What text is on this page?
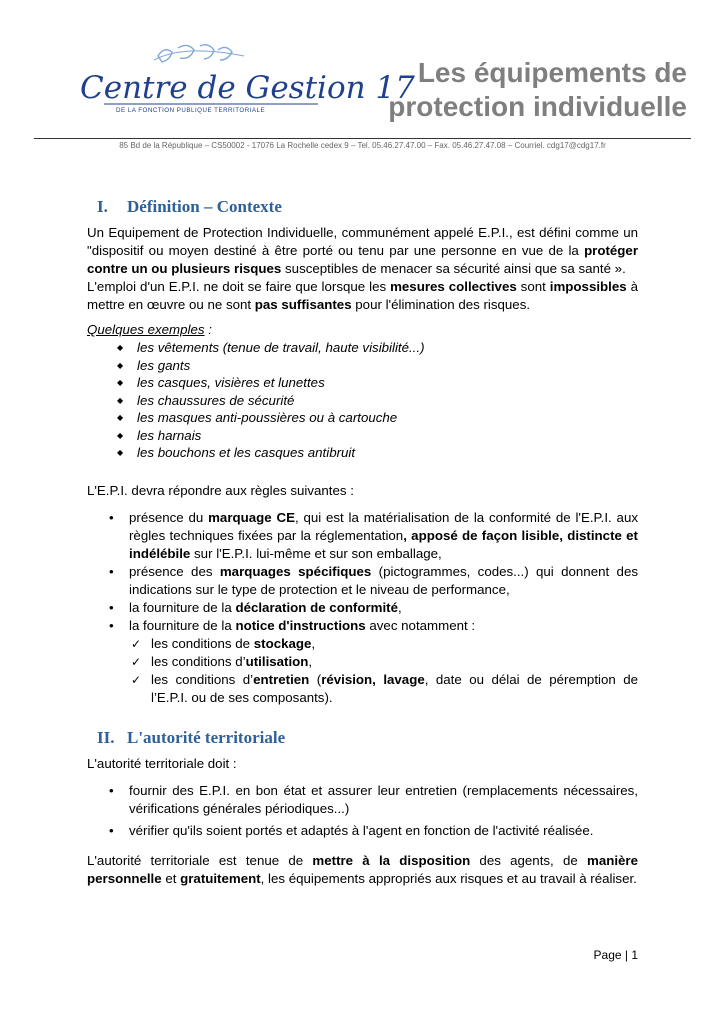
Centre de Gestion 17
DE LA FONCTION PUBLIQUE TERRITORIALE
Les équipements de
protection individuelle
85 Bd de la République – CS50002 - 17076 La Rochelle cedex 9 – Tel. 05.46.27.47.00 – Fax. 05.46.27.47.08 – Courriel. cdg17@cdg17.fr
I. Définition – Contexte

Un Equipement de Protection Individuelle, communément appelé E.P.I., est défini comme un "dispositif ou moyen destiné à être porté ou tenu par une personne en vue de la protéger contre un ou plusieurs risques susceptibles de menacer sa sécurité ainsi que sa santé ».

L'emploi d'un E.P.I. ne doit se faire que lorsque les mesures collectives sont impossibles à mettre en œuvre ou ne sont pas suffisantes pour l'élimination des risques.

Quelques exemples :

◆ les vêtements (tenue de travail, haute visibilité...)
◆ les gants
◆ les casques, visières et lunettes
◆ les chaussures de sécurité
◆ les masques anti-poussières ou à cartouche
◆ les harnais
◆ les bouchons et les casques antibruit

L'E.P.I. devra répondre aux règles suivantes :

• présence du marquage CE, qui est la matérialisation de la conformité de l'E.P.I. aux règles techniques fixées par la réglementation, apposé de façon lisible, distincte et indélébile sur l'E.P.I. lui-même et sur son emballage,
• présence des marquages spécifiques (pictogrammes, codes...) qui donnent des indications sur le type de protection et le niveau de performance,
• la fourniture de la déclaration de conformité,
• la fourniture de la notice d'instructions avec notamment :
✓ les conditions de stockage,
✓ les conditions d’utilisation,
✓ les conditions d’entretien (révision, lavage, date ou délai de péremption de l’E.P.I. ou de ses composants).
II. L'autorité territoriale

L'autorité territoriale doit :

• fournir des E.P.I. en bon état et assurer leur entretien (remplacements nécessaires, vérifications générales périodiques...)
• vérifier qu'ils soient portés et adaptés à l'agent en fonction de l'activité réalisée.

L'autorité territoriale est tenue de mettre à la disposition des agents, de manière personnelle et gratuitement, les équipements appropriés aux risques et au travail à réaliser.

Page | 1
